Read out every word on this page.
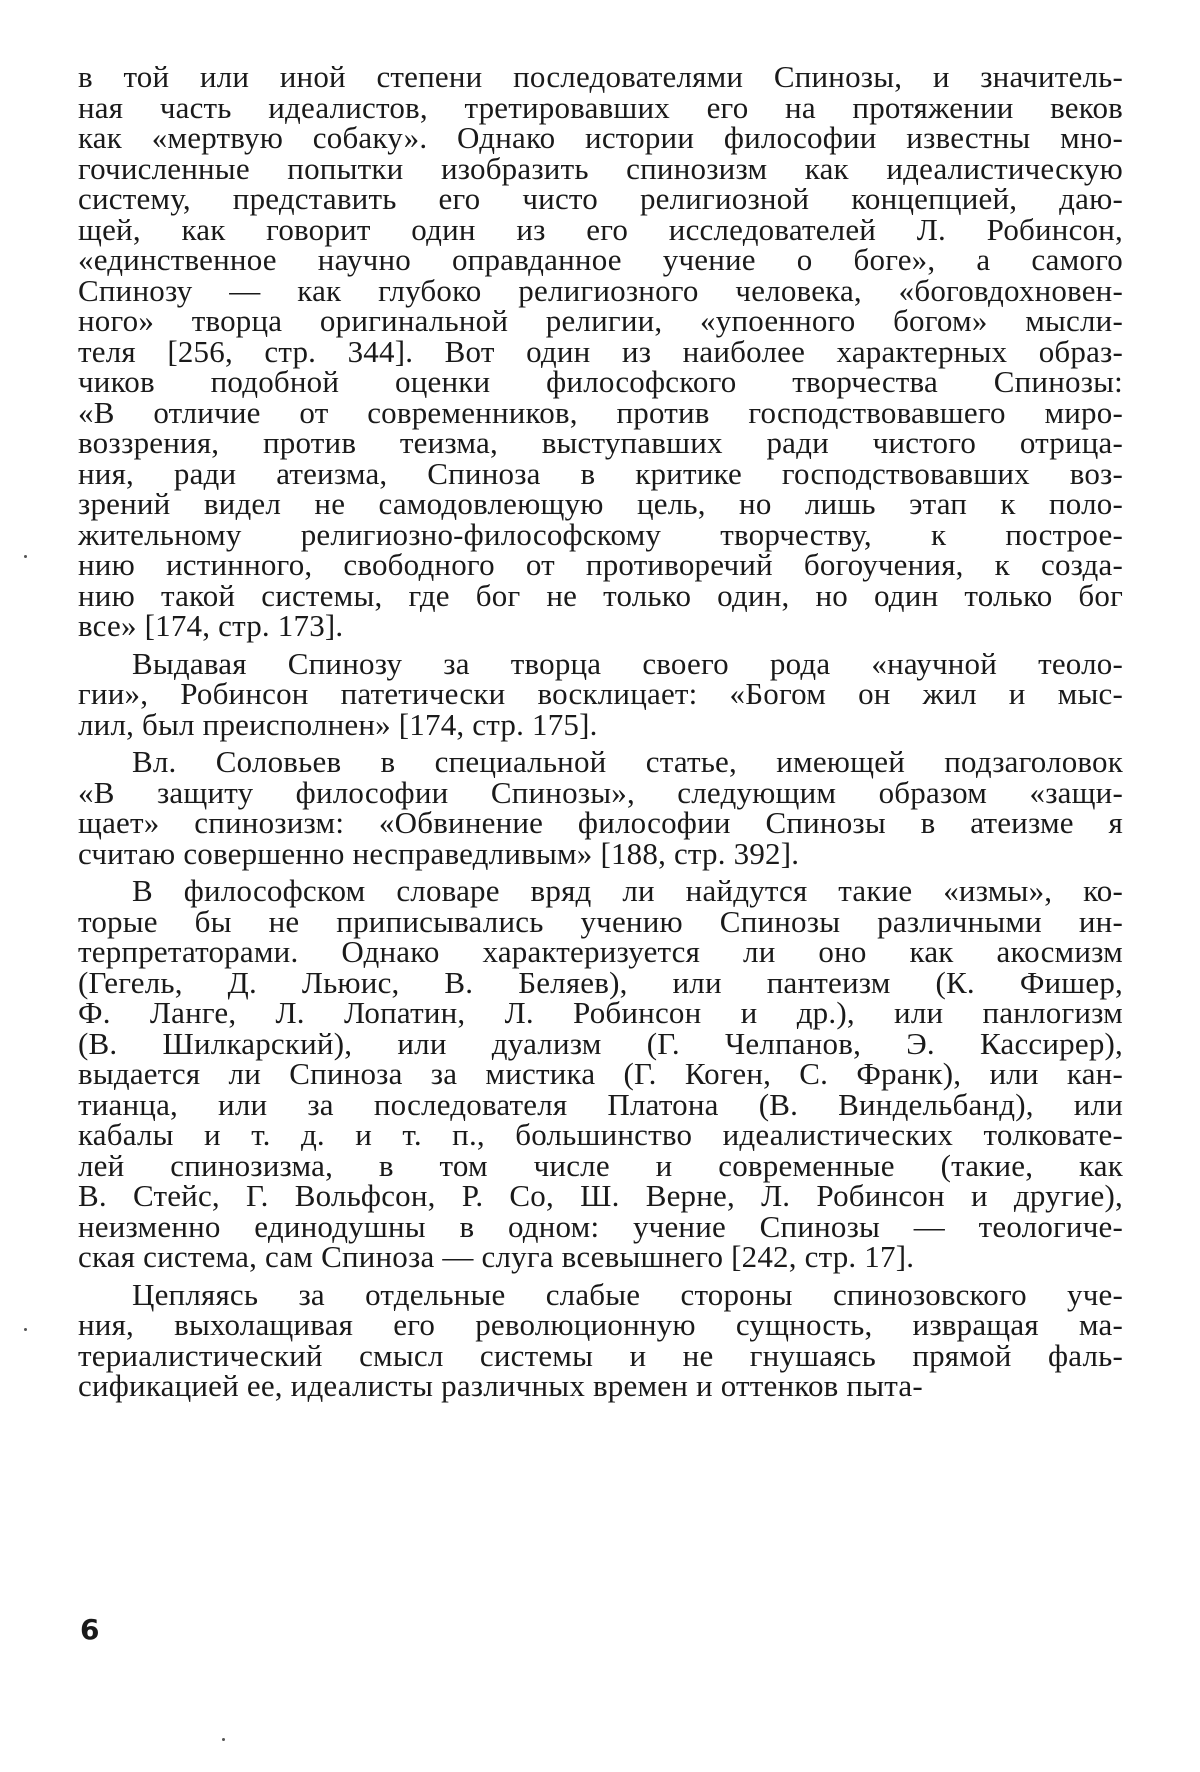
в той или иной степени последователями Спинозы, и значитель-
ная часть идеалистов, третировавших его на протяжении веков
как «мертвую собаку». Однако истории философии известны мно-
гочисленные попытки изобразить спинозизм как идеалистическую
систему, представить его чисто религиозной концепцией, даю-
щей, как говорит один из его исследователей Л. Робинсон,
«единственное научно оправданное учение о боге», а самого
Спинозу — как глубоко религиозного человека, «боговдохновен-
ного» творца оригинальной религии, «упоенного богом» мысли-
теля [256, стр. 344]. Вот один из наиболее характерных образ-
чиков подобной оценки философского творчества Спинозы:
«В отличие от современников, против господствовавшего миро-
воззрения, против теизма, выступавших ради чистого отрица-
ния, ради атеизма, Спиноза в критике господствовавших воз-
зрений видел не самодовлеющую цель, но лишь этап к поло-
жительному религиозно-философскому творчеству, к построе-
нию истинного, свободного от противоречий богоучения, к созда-
нию такой системы, где бог не только один, но один только бог
все» [174, стр. 173].

Выдавая Спинозу за творца своего рода «научной теоло-
гии», Робинсон патетически восклицает: «Богом он жил и мыс-
лил, был преисполнен» [174, стр. 175].

Вл. Соловьев в специальной статье, имеющей подзаголовок
«В защиту философии Спинозы», следующим образом «защи-
щает» спинозизм: «Обвинение философии Спинозы в атеизме я
считаю совершенно несправедливым» [188, стр. 392].

В философском словаре вряд ли найдутся такие «измы», ко-
торые бы не приписывались учению Спинозы различными ин-
терпретаторами. Однако характеризуется ли оно как акосмизм
(Гегель, Д. Льюис, В. Беляев), или пантеизм (К. Фишер,
Ф. Ланге, Л. Лопатин, Л. Робинсон и др.), или панлогизм
(В. Шилкарский), или дуализм (Г. Челпанов, Э. Кассирер),
выдается ли Спиноза за мистика (Г. Коген, С. Франк), или кан-
тианца, или за последователя Платона (В. Виндельбанд), или
кабалы и т. д. и т. п., большинство идеалистических толковате-
лей спинозизма, в том числе и современные (такие, как
В. Стейс, Г. Вольфсон, Р. Со, Ш. Верне, Л. Робинсон и другие),
неизменно единодушны в одном: учение Спинозы — теологиче-
ская система, сам Спиноза — слуга всевышнего [242, стр. 17].

Цепляясь за отдельные слабые стороны спинозовского уче-
ния, выхолащивая его революционную сущность, извращая ма-
териалистический смысл системы и не гнушаясь прямой фаль-
сификацией ее, идеалисты различных времен и оттенков пыта-

6
